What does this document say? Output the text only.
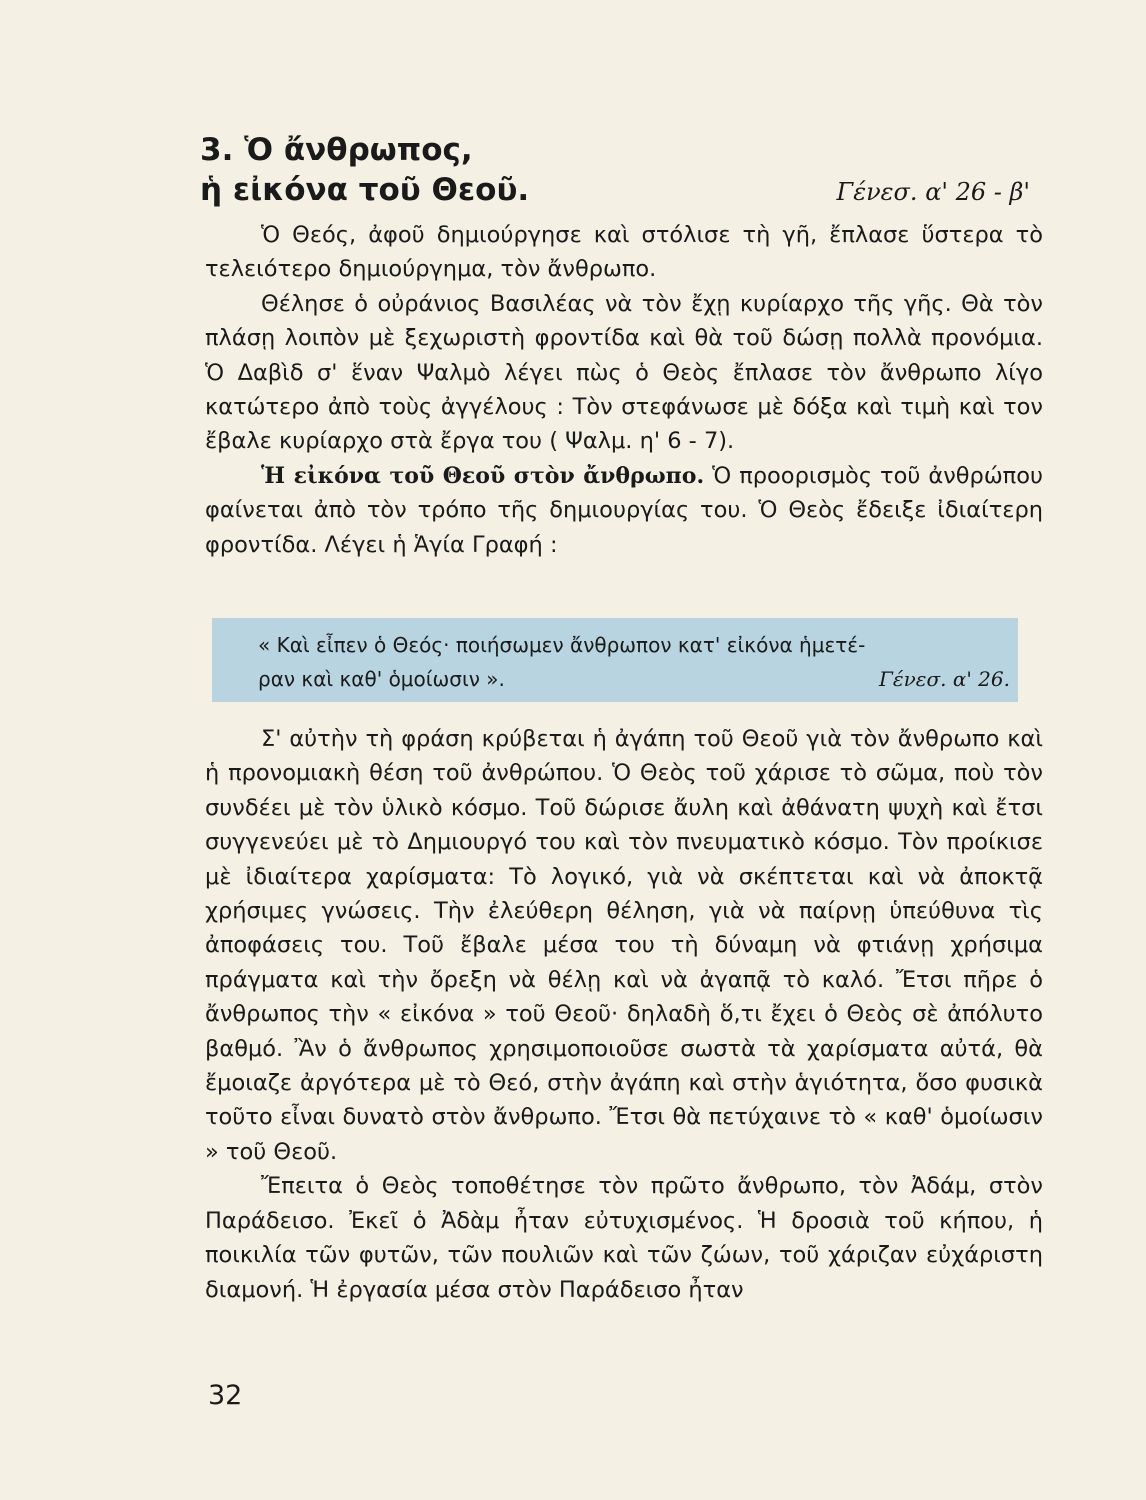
3. Ὁ ἄνθρωπος,
ἡ εἰκόνα τοῦ Θεοῦ.	Γένεσ. α' 26 - β'

Ὁ Θεός, ἀφοῦ δημιούργησε καὶ στόλισε τὴ γῆ, ἔπλασε ὕστερα τὸ τελειότερο δημιούργημα, τὸν ἄνθρωπο.

Θέλησε ὁ οὐράνιος Βασιλέας νὰ τὸν ἔχῃ κυρίαρχο τῆς γῆς. Θὰ τὸν πλάσῃ λοιπὸν μὲ ξεχωριστὴ φροντίδα καὶ θὰ τοῦ δώσῃ πολλὰ προνόμια. Ὁ Δαβὶδ σ' ἕναν Ψαλμὸ λέγει πὼς ὁ Θεὸς ἔπλασε τὸν ἄνθρωπο λίγο κατώτερο ἀπὸ τοὺς ἀγγέλους : Τὸν στεφάνωσε μὲ δόξα καὶ τιμὴ καὶ τον ἔβαλε κυρίαρχο στὰ ἔργα του ( Ψαλμ. η' 6 - 7).

Ἡ εἰκόνα τοῦ Θεοῦ στὸν ἄνθρωπο. Ὁ προορισμὸς τοῦ ἀνθρώπου φαίνεται ἀπὸ τὸν τρόπο τῆς δημιουργίας του. Ὁ Θεὸς ἔδειξε ἰδιαίτερη φροντίδα. Λέγει ἡ Ἁγία Γραφή :

« Καὶ εἶπεν ὁ Θεός· ποιήσωμεν ἄνθρωπον κατ' εἰκόνα ἡμετέ-
ραν καὶ καθ' ὁμοίωσιν ».	Γένεσ. α' 26.

Σ' αὐτὴν τὴ φράση κρύβεται ἡ ἀγάπη τοῦ Θεοῦ γιὰ τὸν ἄνθρωπο καὶ ἡ προνομιακὴ θέση τοῦ ἀνθρώπου. Ὁ Θεὸς τοῦ χάρισε τὸ σῶμα, ποὺ τὸν συνδέει μὲ τὸν ὑλικὸ κόσμο. Τοῦ δώρισε ἄυλη καὶ ἀθάνατη ψυχὴ καὶ ἔτσι συγγενεύει μὲ τὸ Δημιουργό του καὶ τὸν πνευματικὸ κόσμο. Τὸν προίκισε μὲ ἰδιαίτερα χαρίσματα: Τὸ λογικό, γιὰ νὰ σκέπτεται καὶ νὰ ἀποκτᾷ χρήσιμες γνώσεις. Τὴν ἐλεύθερη θέληση, γιὰ νὰ παίρνῃ ὑπεύθυνα τὶς ἀποφάσεις του. Τοῦ ἔβαλε μέσα του τὴ δύναμη νὰ φτιάνῃ χρήσιμα πράγματα καὶ τὴν ὄρεξη νὰ θέλῃ καὶ νὰ ἀγαπᾷ τὸ καλό. Ἔτσι πῆρε ὁ ἄνθρωπος τὴν « εἰκόνα » τοῦ Θεοῦ· δηλαδὴ ὅ,τι ἔχει ὁ Θεὸς σὲ ἀπόλυτο βαθμό. Ἂν ὁ ἄνθρωπος χρησιμοποιοῦσε σωστὰ τὰ χαρίσματα αὐτά, θὰ ἔμοιαζε ἀργότερα μὲ τὸ Θεό, στὴν ἀγάπη καὶ στὴν ἁγιότητα, ὅσο φυσικὰ τοῦτο εἶναι δυνατὸ στὸν ἄνθρωπο. Ἔτσι θὰ πετύχαινε τὸ « καθ' ὁμοίωσιν » τοῦ Θεοῦ.

Ἔπειτα ὁ Θεὸς τοποθέτησε τὸν πρῶτο ἄνθρωπο, τὸν Ἀδάμ, στὸν Παράδεισο. Ἐκεῖ ὁ Ἀδὰμ ἦταν εὐτυχισμένος. Ἡ δροσιὰ τοῦ κήπου, ἡ ποικιλία τῶν φυτῶν, τῶν πουλιῶν καὶ τῶν ζώων, τοῦ χάριζαν εὐχάριστη διαμονή. Ἡ ἐργασία μέσα στὸν Παράδεισο ἦταν

32
